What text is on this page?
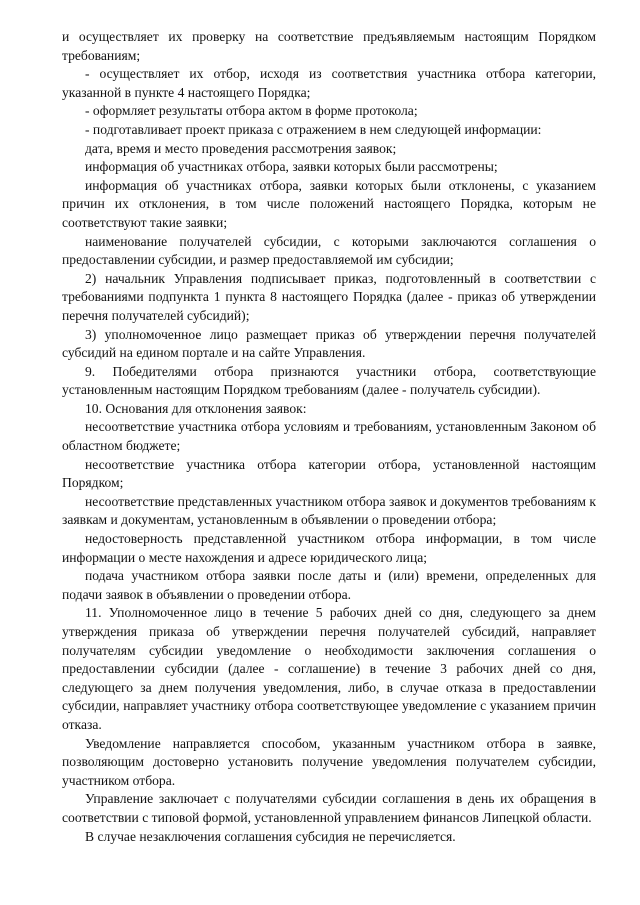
и осуществляет их проверку на соответствие предъявляемым настоящим Порядком требованиям;

- осуществляет их отбор, исходя из соответствия участника отбора категории, указанной в пункте 4 настоящего Порядка;

- оформляет результаты отбора актом в форме протокола;

- подготавливает проект приказа с отражением в нем следующей информации:

дата, время и место проведения рассмотрения заявок;

информация об участниках отбора, заявки которых были рассмотрены;

информация об участниках отбора, заявки которых были отклонены, с указанием причин их отклонения, в том числе положений настоящего Порядка, которым не соответствуют такие заявки;

наименование получателей субсидии, с которыми заключаются соглашения о предоставлении субсидии, и размер предоставляемой им субсидии;

2) начальник Управления подписывает приказ, подготовленный в соответствии с требованиями подпункта 1 пункта 8 настоящего Порядка (далее - приказ об утверждении перечня получателей субсидий);

3) уполномоченное лицо размещает приказ об утверждении перечня получателей субсидий на едином портале и на сайте Управления.

9. Победителями отбора признаются участники отбора, соответствующие установленным настоящим Порядком требованиям (далее - получатель субсидии).

10. Основания для отклонения заявок:

несоответствие участника отбора условиям и требованиям, установленным Законом об областном бюджете;

несоответствие участника отбора категории отбора, установленной настоящим Порядком;

несоответствие представленных участником отбора заявок и документов требованиям к заявкам и документам, установленным в объявлении о проведении отбора;

недостоверность представленной участником отбора информации, в том числе информации о месте нахождения и адресе юридического лица;

подача участником отбора заявки после даты и (или) времени, определенных для подачи заявок в объявлении о проведении отбора.

11. Уполномоченное лицо в течение 5 рабочих дней со дня, следующего за днем утверждения приказа об утверждении перечня получателей субсидий, направляет получателям субсидии уведомление о необходимости заключения соглашения о предоставлении субсидии (далее - соглашение) в течение 3 рабочих дней со дня, следующего за днем получения уведомления, либо, в случае отказа в предоставлении субсидии, направляет участнику отбора соответствующее уведомление с указанием причин отказа.

Уведомление направляется способом, указанным участником отбора в заявке, позволяющим достоверно установить получение уведомления получателем субсидии, участником отбора.

Управление заключает с получателями субсидии соглашения в день их обращения в соответствии с типовой формой, установленной управлением финансов Липецкой области.

В случае незаключения соглашения субсидия не перечисляется.
